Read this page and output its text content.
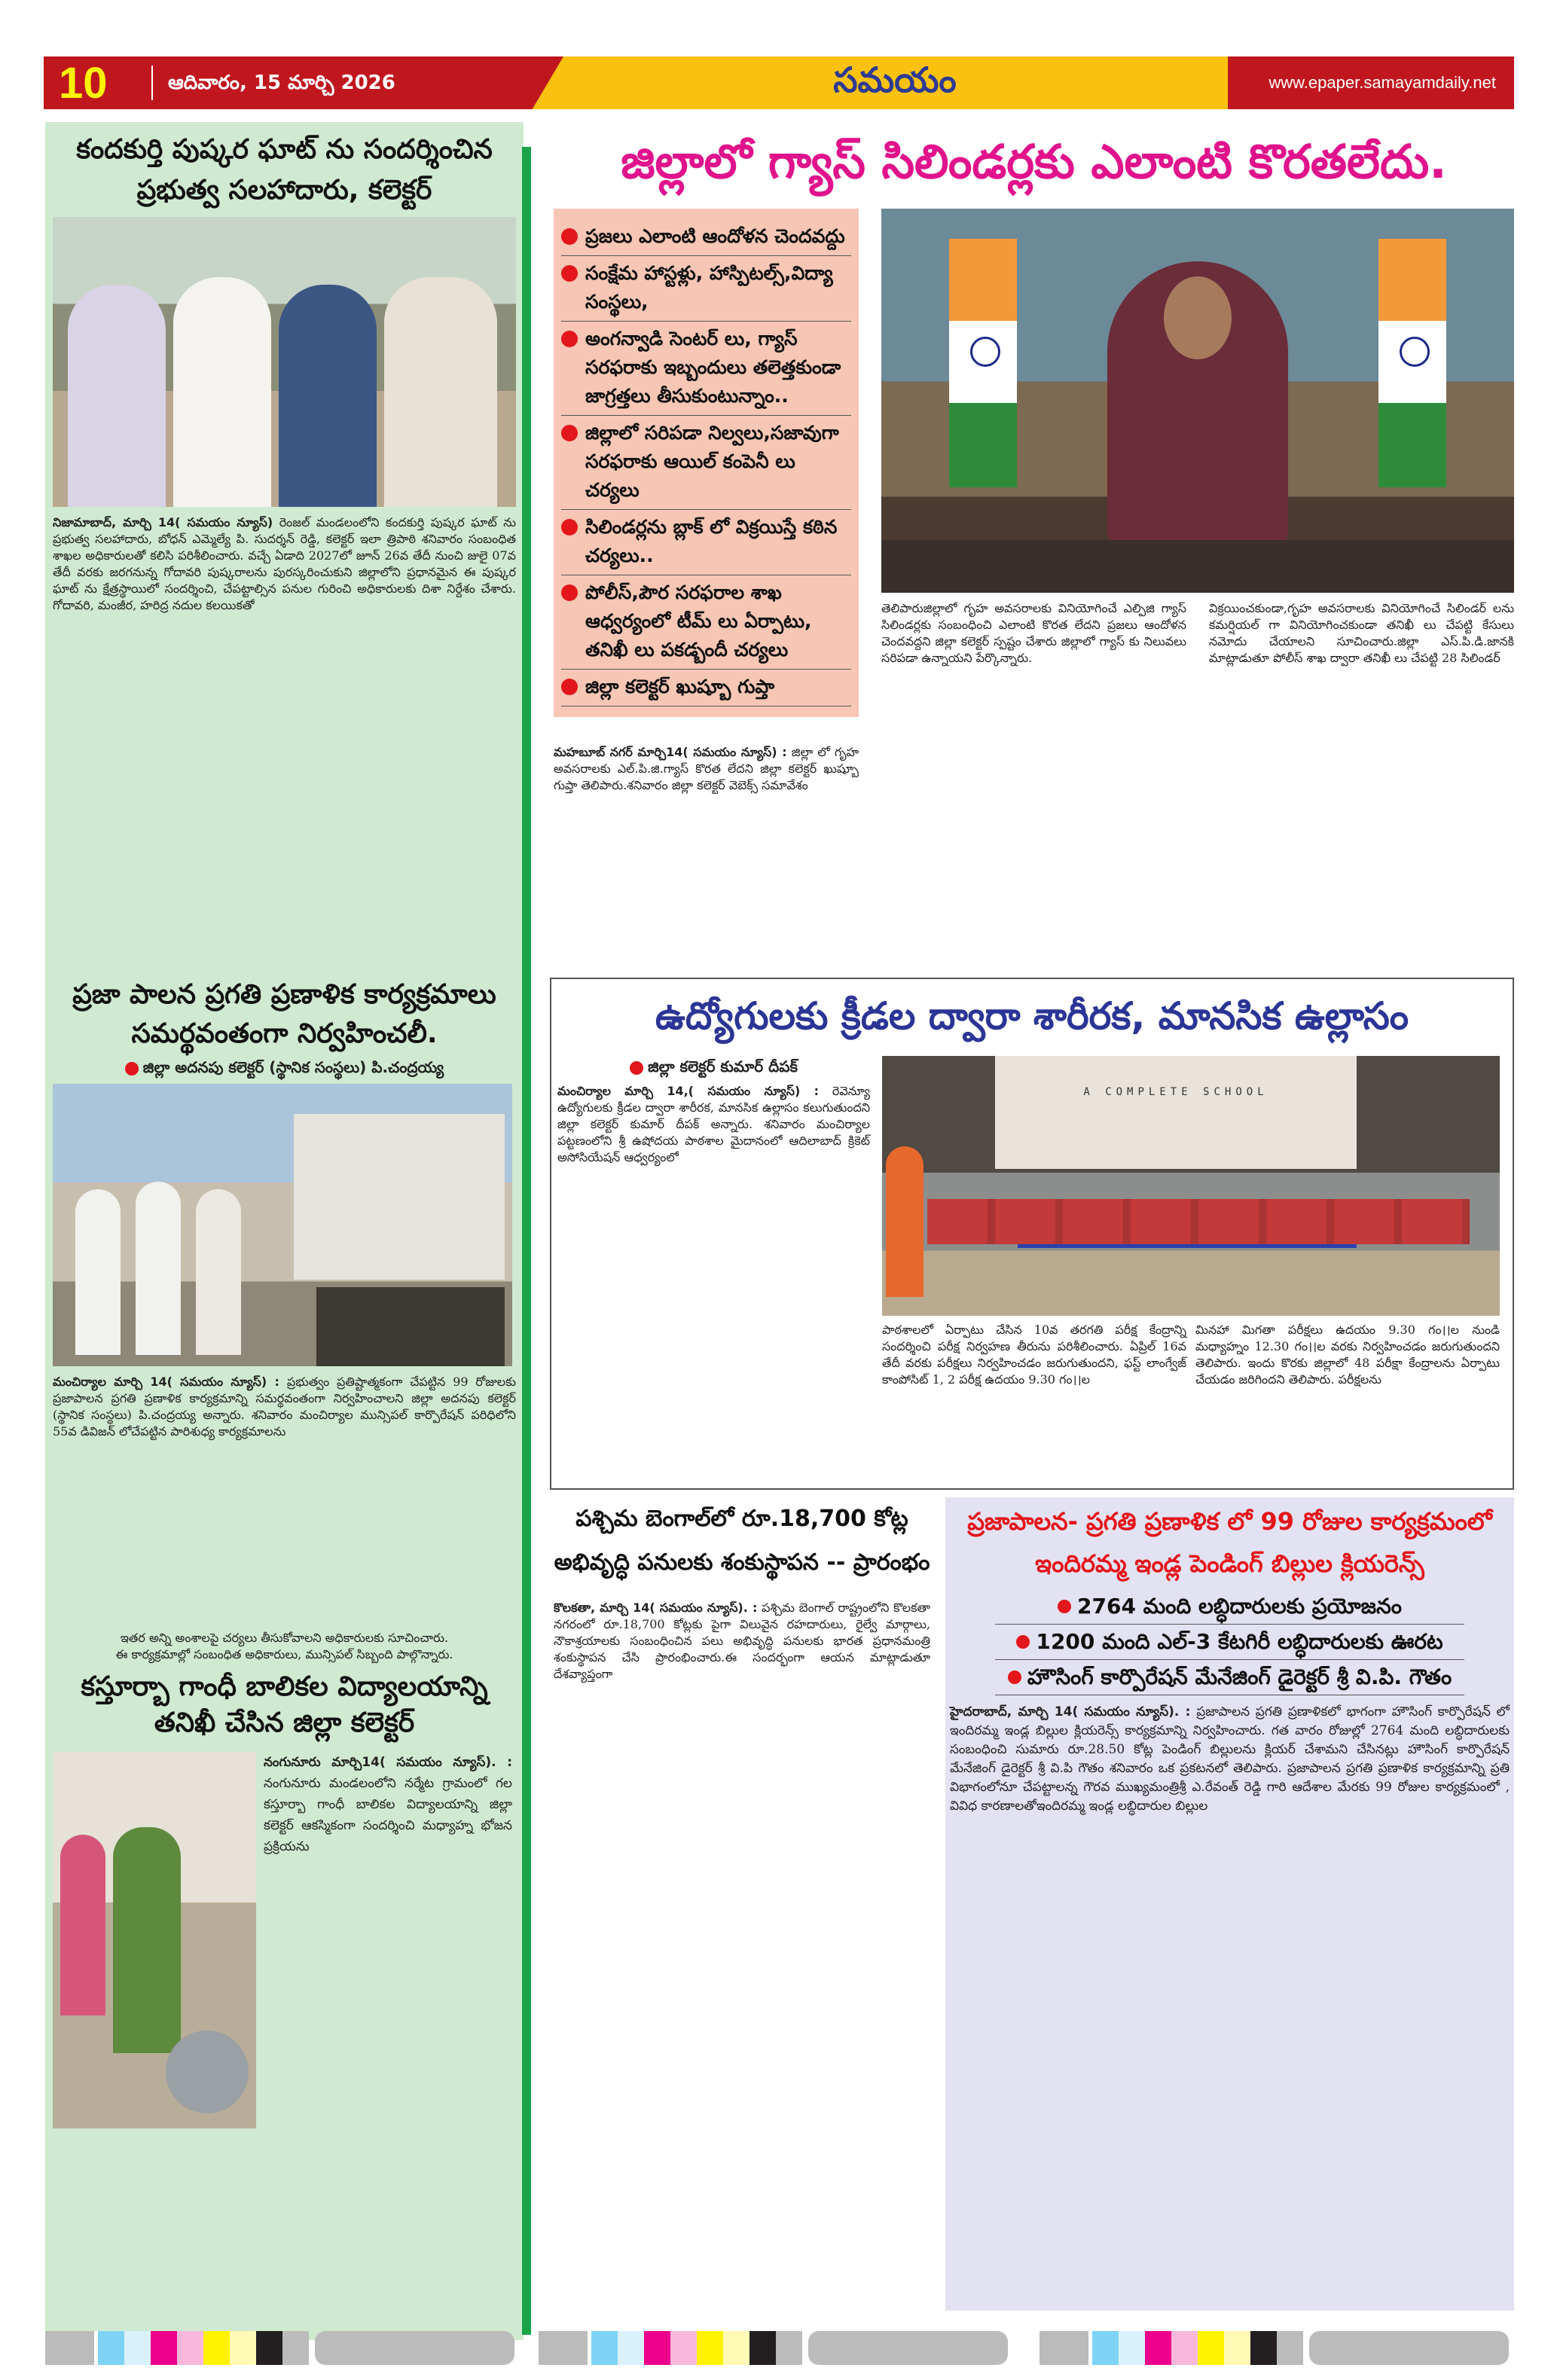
10	ఆదివారం, 15 మార్చి 2026	సమయం	www.epaper.samayamdaily.net
కందకుర్తి పుష్కర ఘాట్ ను సందర్శించిన ప్రభుత్వ సలహాదారు, కలెక్టర్
నిజామాబాద్, మార్చి 14( సమయం న్యూస్) రెంజల్ మండలంలోని కందకుర్తి పుష్కర ఘాట్ ను ప్రభుత్వ సలహాదారు, బోధన్ ఎమ్మెల్యే పి. సుదర్శన్ రెడ్డి, కలెక్టర్ ఇలా త్రిపాఠి శనివారం సంబంధిత శాఖల అధికారులతో కలిసి పరిశీలించారు. వచ్చే ఏడాది 2027లో జూన్ 26వ తేదీ నుంచి జులై 07వ తేదీ వరకు జరగనున్న గోదావరి పుష్కరాలను పురస్కరించుకుని జిల్లాలోని ప్రధానమైన ఈ పుష్కర ఘాట్ ను క్షేత్రస్థాయిలో సందర్శించి, చేపట్టాల్సిన పనుల గురించి అధికారులకు దిశా నిర్దేశం చేశారు. గోదావరి, మంజీర, హరిద్ర నదుల కలయికతో
ప్రజా పాలన ప్రగతి ప్రణాళిక కార్యక్రమాలు సమర్థవంతంగా నిర్వహించలీ.
జిల్లా అదనపు కలెక్టర్ (స్థానిక సంస్థలు) పి.చంద్రయ్య
మంచిర్యాల మార్చి 14( సమయం న్యూస్) : ప్రభుత్వం ప్రతిష్టాత్మకంగా చేపట్టిన 99 రోజులకు ప్రజాపాలన ప్రగతి ప్రణాళిక కార్యక్రమాన్ని సమర్థవంతంగా నిర్వహించాలని జిల్లా అదనపు కలెక్టర్ (స్థానిక సంస్థలు) పి.చంద్రయ్య అన్నారు. శనివారం మంచిర్యాల మున్సిపల్ కార్పొరేషన్ పరిధిలోని 55వ డివిజన్ లోచేపట్టిన పారిశుధ్య కార్యక్రమాలను
ఇతర అన్ని అంశాలపై చర్యలు తీసుకోవాలని అధికారులకు సూచించారు.
ఈ కార్యక్రమాల్లో సంబంధిత అధికారులు, మున్సిపల్ సిబ్బంది పాల్గొన్నారు.
కస్తూర్బా గాంధీ బాలికల విద్యాలయాన్ని తనిఖీ చేసిన జిల్లా కలెక్టర్
నంగునూరు మార్చి14( సమయం న్యూస్). : నంగునూరు మండలంలోని నర్మేట గ్రామంలో గల కస్తూర్బా గాంధీ బాలికల విద్యాలయాన్ని జిల్లా కలెక్టర్ ఆకస్మికంగా సందర్శించి మధ్యాహ్న భోజన ప్రక్రియను
జిల్లాలో గ్యాస్ సిలిండర్లకు ఎలాంటి కొరతలేదు.
ప్రజలు ఎలాంటి ఆందోళన చెందవద్దు
సంక్షేమ హాస్టళ్లు, హాస్పిటల్స్,విద్యా సంస్థలు,
అంగన్వాడి సెంటర్ లు, గ్యాస్ సరఫరాకు ఇబ్బందులు తలెత్తకుండా జాగ్రత్తలు తీసుకుంటున్నాం..
జిల్లాలో సరిపడా నిల్వలు,సజావుగా సరఫరాకు ఆయిల్ కంపెనీ లు చర్యలు
సిలిండర్లను బ్లాక్ లో విక్రయిస్తే కఠిన చర్యలు..
పోలీస్,పౌర సరఫరాల శాఖ ఆధ్వర్యంలో టీమ్ లు ఏర్పాటు, తనిఖీ లు పకడ్బందీ చర్యలు
జిల్లా కలెక్టర్ ఖుష్బూ గుప్తా
మహబూబ్ నగర్ మార్చి14( సమయం న్యూస్) : జిల్లా లో గృహ అవసరాలకు ఎల్.పి.జి.గ్యాస్ కొరత లేదని జిల్లా కలెక్టర్ ఖుష్బూ గుప్తా తెలిపారు.శనివారం జిల్లా కలెక్టర్ వెబెక్స్ సమావేశం
తెలిపారుజిల్లాలో గృహ అవసరాలకు వినియోగించే ఎల్పిజి గ్యాస్ సిలిండర్లకు సంబంధించి ఎలాంటి కొరత లేదని ప్రజలు ఆందోళన చెందవద్దని జిల్లా కలెక్టర్ స్పష్టం చేశారు జిల్లాలో గ్యాస్ కు నిలువలు సరిపడా ఉన్నాయని పేర్కొన్నారు.
విక్రయించకుండా,గృహ అవసరాలకు వినియోగించే సిలిండర్ లను కమర్షియల్ గా వినియోగించకుండా తనిఖీ లు చేపట్టి కేసులు నమోదు చేయాలని సూచించారు.జిల్లా ఎస్.పి.డి.జానకి మాట్లాడుతూ పోలీస్ శాఖ ద్వారా తనిఖీ లు చేపట్టి 28 సిలిండర్
ఉద్యోగులకు క్రీడల ద్వారా శారీరక, మానసిక ఉల్లాసం
జిల్లా కలెక్టర్ కుమార్ దీపక్
మంచిర్యాల మార్చి 14,( సమయం న్యూస్) : రెవెన్యూ ఉద్యోగులకు క్రీడల ద్వారా శారీరక, మానసిక ఉల్లాసం కలుగుతుందని జిల్లా కలెక్టర్ కుమార్ దీపక్ అన్నారు. శనివారం మంచిర్యాల పట్టణంలోని శ్రీ ఉషోదయ పాఠశాల మైదానంలో ఆదిలాబాద్ క్రికెట్ అసోసియేషన్ ఆధ్వర్యంలో
A COMPLETE SCHOOL
పాఠశాలలో ఏర్పాటు చేసిన 10వ తరగతి పరీక్ష కేంద్రాన్ని సందర్శించి పరీక్ష నిర్వహణ తీరును పరిశీలించారు. ఏప్రిల్ 16వ తేదీ వరకు పరీక్షలు నిర్వహించడం జరుగుతుందని, ఫస్ట్ లాంగ్వేజ్ కాంపోసిట్ 1, 2 పరీక్ష ఉదయం 9.30 గం।।ల
మినహా మిగతా పరీక్షలు ఉదయం 9.30 గం।।ల నుండి మధ్యాహ్నం 12.30 గం।।ల వరకు నిర్వహించడం జరుగుతుందని తెలిపారు. ఇందు కొరకు జిల్లాలో 48 పరీక్షా కేంద్రాలను ఏర్పాటు చేయడం జరిగిందని తెలిపారు. పరీక్షలను
పశ్చిమ బెంగాల్‌లో రూ.18,700 కోట్ల అభివృద్ధి పనులకు శంకుస్థాపన -- ప్రారంభం
కొలకతా, మార్చి 14( సమయం న్యూస్). : పశ్చిమ బెంగాల్ రాష్ట్రంలోని కొలకతా నగరంలో రూ.18,700 కోట్లకు పైగా విలువైన రహదారులు, రైల్వే మార్గాలు, నౌకాశ్రయాలకు సంబంధించిన పలు అభివృద్ధి పనులకు భారత ప్రధానమంత్రి శంకుస్థాపన చేసి ప్రారంభించారు.ఈ సందర్భంగా ఆయన మాట్లాడుతూ దేశవ్యాప్తంగా
ప్రజాపాలన- ప్రగతి ప్రణాళిక లో 99 రోజుల కార్యక్రమంలో ఇందిరమ్మ ఇండ్ల పెండింగ్ బిల్లుల క్లియరెన్స్
2764 మంది లబ్ధిదారులకు ప్రయోజనం
1200 మంది ఎల్-3 కేటగిరీ లబ్ధిదారులకు ఊరట
హౌసింగ్ కార్పొరేషన్ మేనేజింగ్ డైరెక్టర్ శ్రీ వి.పి. గౌతం
హైదరాబాద్, మార్చి 14( సమయం న్యూస్). : ప్రజాపాలన ప్రగతి ప్రణాళికలో భాగంగా హౌసింగ్ కార్పొరేషన్ లో ఇందిరమ్మ ఇండ్ల బిల్లుల క్లియరెన్స్ కార్యక్రమాన్ని నిర్వహించారు. గత వారం రోజుల్లో 2764 మంది లబ్ధిదారులకు సంబంధించి సుమారు రూ.28.50 కోట్ల పెండింగ్ బిల్లులను క్లియర్ చేశామని చేసినట్లు హౌసింగ్ కార్పొరేషన్ మేనేజింగ్ డైరెక్టర్ శ్రీ వి.పి గౌతం శనివారం ఒక ప్రకటనలో తెలిపారు. ప్రజాపాలన ప్రగతి ప్రణాళిక కార్యక్రమాన్ని ప్రతి విభాగంలోనూ చేపట్టాలన్న గౌరవ ముఖ్యమంత్రిశ్రీ ఎ.రేవంత్ రెడ్డి గారి ఆదేశాల మేరకు 99 రోజుల కార్యక్రమంలో , వివిధ కారణాలతోఇందిరమ్మ ఇండ్ల లబ్ధిదారుల బిల్లుల
